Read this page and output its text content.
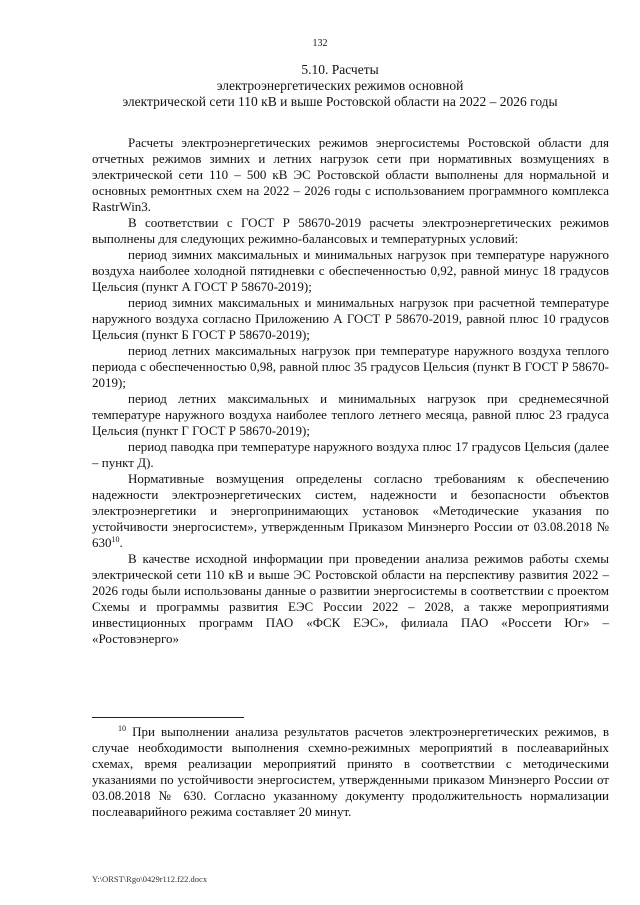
132
5.10. Расчеты
электроэнергетических режимов основной
электрической сети 110 кВ и выше Ростовской области на 2022 – 2026 годы

Расчеты электроэнергетических режимов энергосистемы Ростовской области для отчетных режимов зимних и летних нагрузок сети при нормативных возмущениях в электрической сети 110 – 500 кВ ЭС Ростовской области выполнены для нормальной и основных ремонтных схем на 2022 – 2026 годы с использованием программного комплекса RastrWin3.

В соответствии с ГОСТ Р 58670-2019 расчеты электроэнергетических режимов выполнены для следующих режимно-балансовых и температурных условий:

период зимних максимальных и минимальных нагрузок при температуре наружного воздуха наиболее холодной пятидневки с обеспеченностью 0,92, равной минус 18 градусов Цельсия (пункт А ГОСТ Р 58670-2019);

период зимних максимальных и минимальных нагрузок при расчетной температуре наружного воздуха согласно Приложению А ГОСТ Р 58670-2019, равной плюс 10 градусов Цельсия (пункт Б ГОСТ Р 58670-2019);

период летних максимальных нагрузок при температуре наружного воздуха теплого периода с обеспеченностью 0,98, равной плюс 35 градусов Цельсия (пункт В ГОСТ Р 58670-2019);

период летних максимальных и минимальных нагрузок при среднемесячной температуре наружного воздуха наиболее теплого летнего месяца, равной плюс 23 градуса Цельсия (пункт Г ГОСТ Р 58670-2019);

период паводка при температуре наружного воздуха плюс 17 градусов Цельсия (далее – пункт Д).

Нормативные возмущения определены согласно требованиям к обеспечению надежности электроэнергетических систем, надежности и безопасности объектов электроэнергетики и энергопринимающих установок «Методические указания по устойчивости энергосистем», утвержденным Приказом Минэнерго России от 03.08.2018 № $630^{10}$.

В качестве исходной информации при проведении анализа режимов работы схемы электрической сети 110 кВ и выше ЭС Ростовской области на перспективу развития 2022 – 2026 годы были использованы данные о развитии энергосистемы в соответствии с проектом Схемы и программы развития ЕЭС России 2022 – 2028, а также мероприятиями инвестиционных программ ПАО «ФСК ЕЭС», филиала ПАО «Россети Юг» – «Ростовэнерго»

$^{10}$ При выполнении анализа результатов расчетов электроэнергетических режимов, в случае необходимости выполнения схемно-режимных мероприятий в послеаварийных схемах, время реализации мероприятий принято в соответствии с методическими указаниями по устойчивости энергосистем, утвержденными приказом Минэнерго России от 03.08.2018 № 630. Согласно указанному документу продолжительность нормализации послеаварийного режима составляет 20 минут.

Y:\ORST\Rgo\0429r112.f22.docx
